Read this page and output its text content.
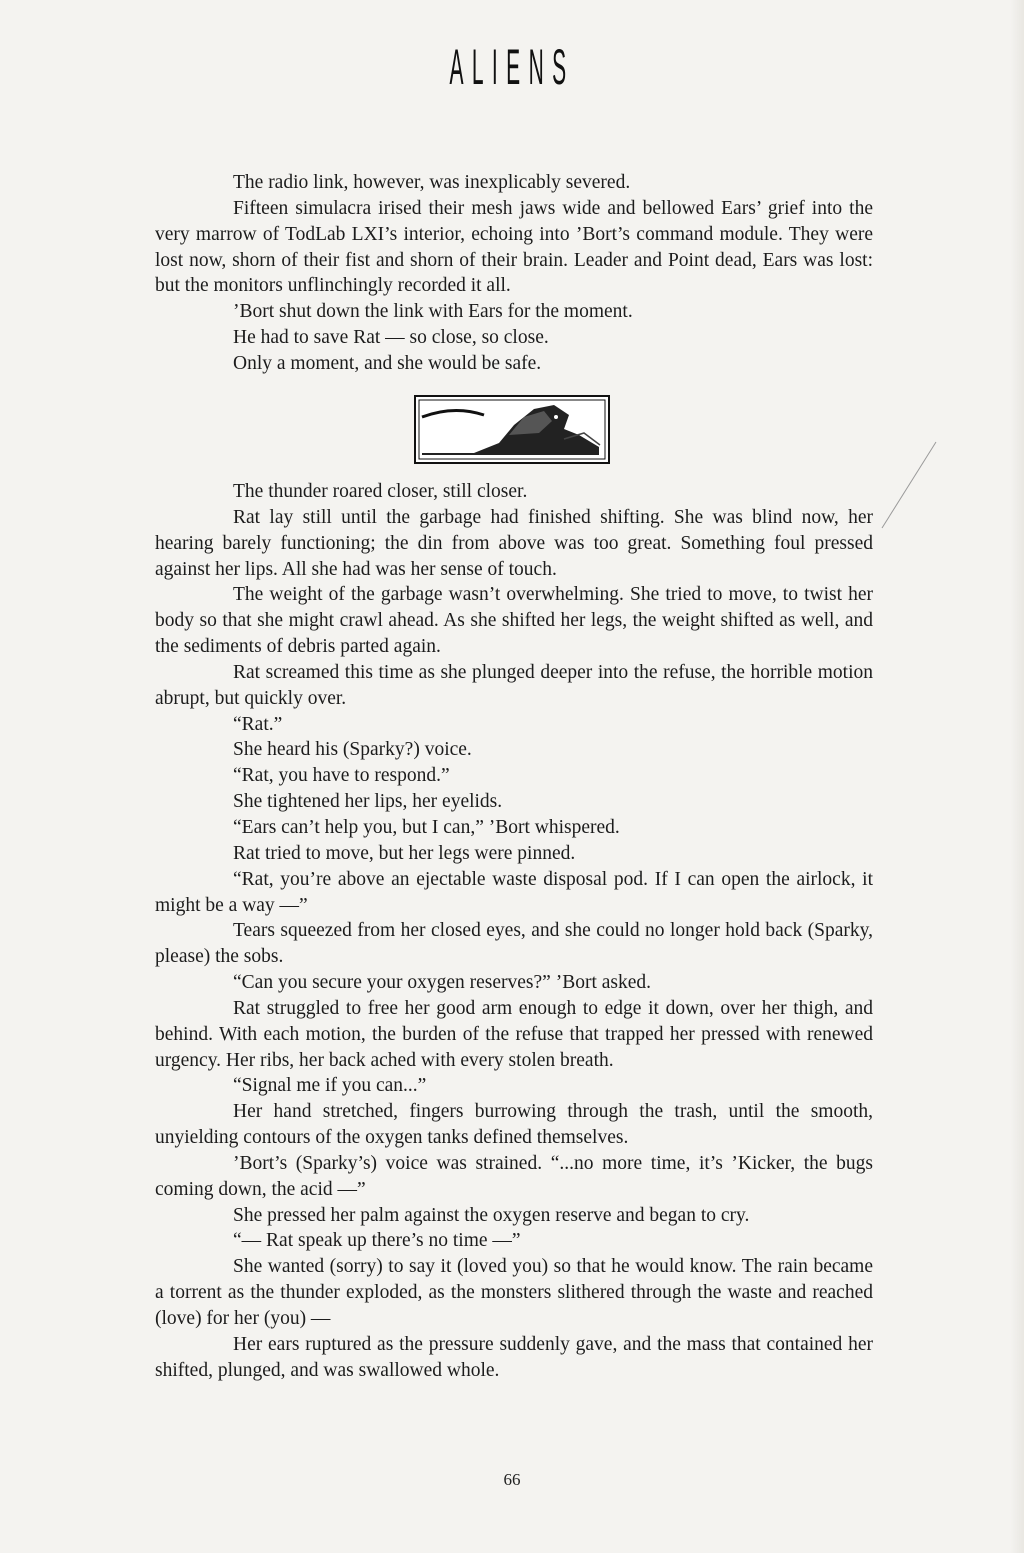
ALIENS

The radio link, however, was inexplicably severed.

Fifteen simulacra irised their mesh jaws wide and bellowed Ears’ grief into the very marrow of TodLab LXI’s interior, echoing into ’Bort’s command module. They were lost now, shorn of their fist and shorn of their brain. Leader and Point dead, Ears was lost: but the monitors unflinchingly recorded it all.

’Bort shut down the link with Ears for the moment.

He had to save Rat — so close, so close.

Only a moment, and she would be safe.

The thunder roared closer, still closer.

Rat lay still until the garbage had finished shifting. She was blind now, her hearing barely functioning; the din from above was too great. Something foul pressed against her lips. All she had was her sense of touch.

The weight of the garbage wasn’t overwhelming. She tried to move, to twist her body so that she might crawl ahead. As she shifted her legs, the weight shifted as well, and the sediments of debris parted again.

Rat screamed this time as she plunged deeper into the refuse, the horrible motion abrupt, but quickly over.

“Rat.”

She heard his (Sparky?) voice.

“Rat, you have to respond.”

She tightened her lips, her eyelids.

“Ears can’t help you, but I can,” ’Bort whispered.

Rat tried to move, but her legs were pinned.

“Rat, you’re above an ejectable waste disposal pod. If I can open the airlock, it might be a way —”

Tears squeezed from her closed eyes, and she could no longer hold back (Sparky, please) the sobs.

“Can you secure your oxygen reserves?” ’Bort asked.

Rat struggled to free her good arm enough to edge it down, over her thigh, and behind. With each motion, the burden of the refuse that trapped her pressed with renewed urgency. Her ribs, her back ached with every stolen breath.

“Signal me if you can...”

Her hand stretched, fingers burrowing through the trash, until the smooth, unyielding contours of the oxygen tanks defined themselves.

’Bort’s (Sparky’s) voice was strained. “...no more time, it’s ’Kicker, the bugs coming down, the acid —”

She pressed her palm against the oxygen reserve and began to cry.

“— Rat speak up there’s no time —”

She wanted (sorry) to say it (loved you) so that he would know. The rain became a torrent as the thunder exploded, as the monsters slithered through the waste and reached (love) for her (you) —

Her ears ruptured as the pressure suddenly gave, and the mass that contained her shifted, plunged, and was swallowed whole.

66
